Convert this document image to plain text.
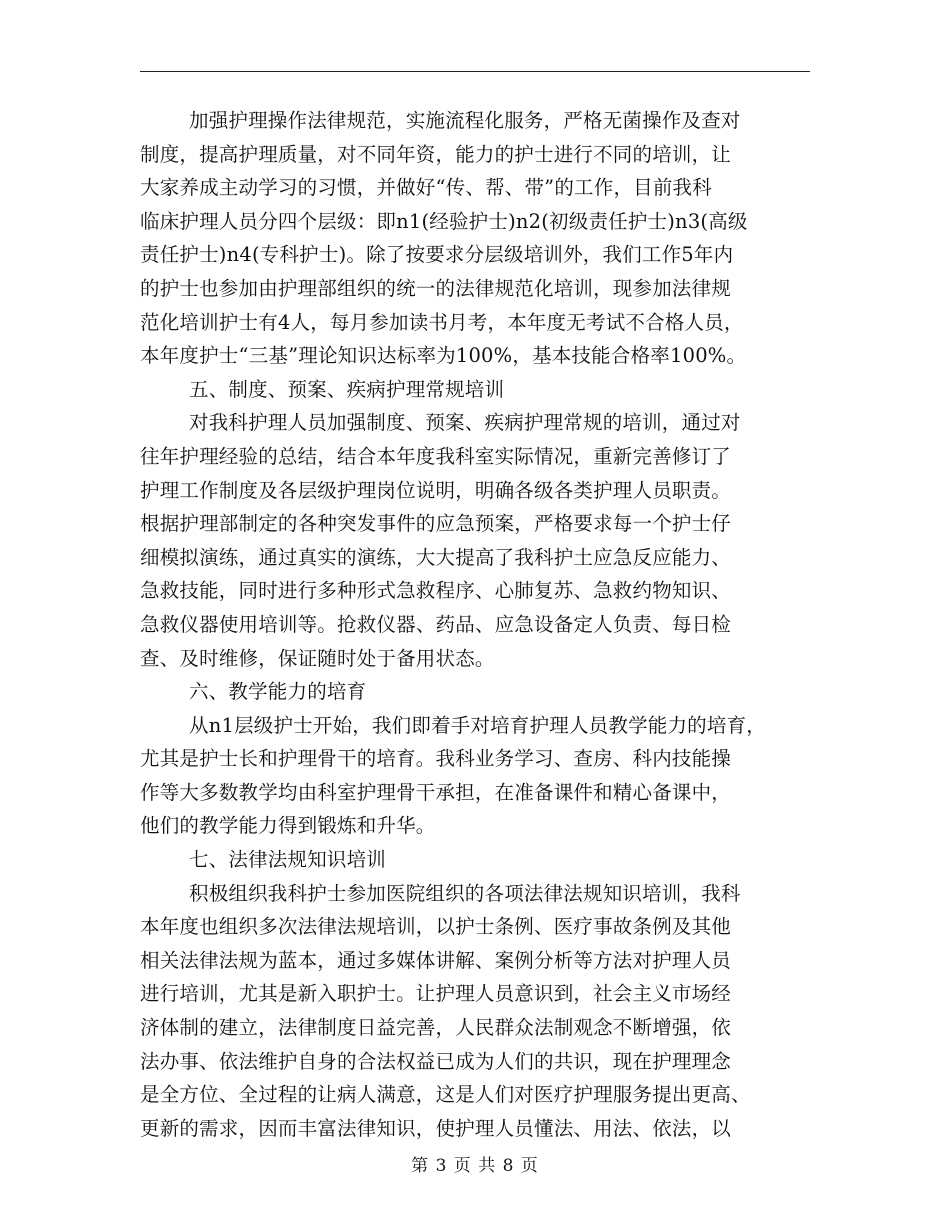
加强护理操作法律规范，实施流程化服务，严格无菌操作及查对
制度，提高护理质量，对不同年资，能力的护士进行不同的培训，让
大家养成主动学习的习惯，并做好“传、帮、带”的工作，目前我科
临床护理人员分四个层级：即n1(经验护士)n2(初级责任护士)n3(高级
责任护士)n4(专科护士)。除了按要求分层级培训外，我们工作5年内
的护士也参加由护理部组织的统一的法律规范化培训，现参加法律规
范化培训护士有4人，每月参加读书月考，本年度无考试不合格人员，
本年度护士“三基”理论知识达标率为100%，基本技能合格率100%。
五、制度、预案、疾病护理常规培训
对我科护理人员加强制度、预案、疾病护理常规的培训，通过对
往年护理经验的总结，结合本年度我科室实际情况，重新完善修订了
护理工作制度及各层级护理岗位说明，明确各级各类护理人员职责。
根据护理部制定的各种突发事件的应急预案，严格要求每一个护士仔
细模拟演练，通过真实的演练，大大提高了我科护土应急反应能力、
急救技能，同时进行多种形式急救程序、心肺复苏、急救约物知识、
急救仪器使用培训等。抢救仪器、药品、应急设备定人负责、每日检
查、及时维修，保证随时处于备用状态。
六、教学能力的培育
从n1层级护士开始，我们即着手对培育护理人员教学能力的培育，
尤其是护士长和护理骨干的培育。我科业务学习、查房、科内技能操
作等大多数教学均由科室护理骨干承担，在准备课件和精心备课中，
他们的教学能力得到锻炼和升华。
七、法律法规知识培训
积极组织我科护士参加医院组织的各项法律法规知识培训，我科
本年度也组织多次法律法规培训，以护士条例、医疗事故条例及其他
相关法律法规为蓝本，通过多媒体讲解、案例分析等方法对护理人员
进行培训，尤其是新入职护士。让护理人员意识到，社会主义市场经
济体制的建立，法律制度日益完善，人民群众法制观念不断增强，依
法办事、依法维护自身的合法权益已成为人们的共识，现在护理理念
是全方位、全过程的让病人满意，这是人们对医疗护理服务提出更高、
更新的需求，因而丰富法律知识，使护理人员懂法、用法、依法，以
第 3 页 共 8 页
